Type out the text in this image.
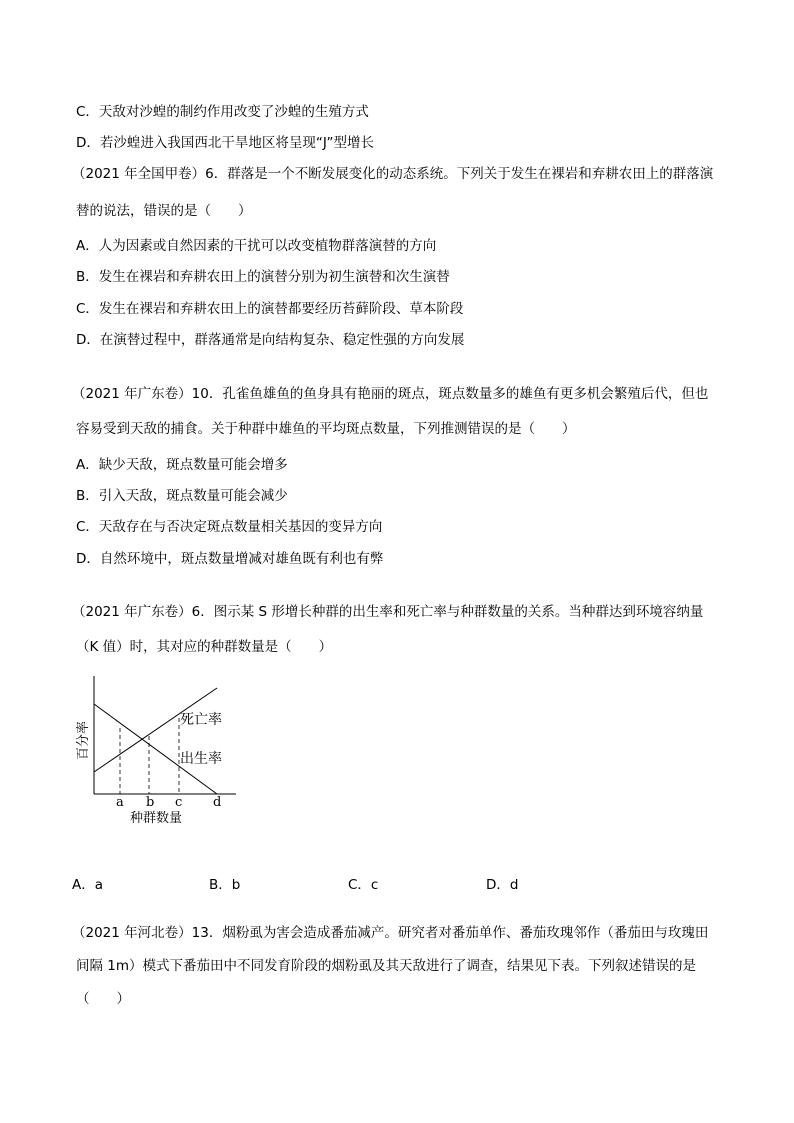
C．天敌对沙蝗的制约作用改变了沙蝗的生殖方式
D．若沙蝗进入我国西北干旱地区将呈现“J”型增长
（2021 年全国甲卷）6．群落是一个不断发展变化的动态系统。下列关于发生在裸岩和弃耕农田上的群落演
替的说法，错误的是（　　）
A．人为因素或自然因素的干扰可以改变植物群落演替的方向
B．发生在裸岩和弃耕农田上的演替分别为初生演替和次生演替
C．发生在裸岩和弃耕农田上的演替都要经历苔藓阶段、草本阶段
D．在演替过程中，群落通常是向结构复杂、稳定性强的方向发展
（2021 年广东卷）10．孔雀鱼雄鱼的鱼身具有艳丽的斑点，斑点数量多的雄鱼有更多机会繁殖后代，但也
容易受到天敌的捕食。关于种群中雄鱼的平均斑点数量，下列推测错误的是（　　）
A．缺少天敌，斑点数量可能会增多
B．引入天敌，斑点数量可能会减少
C．天敌存在与否决定斑点数量相关基因的变异方向
D．自然环境中，斑点数量增减对雄鱼既有利也有弊
（2021 年广东卷）6．图示某 S 形增长种群的出生率和死亡率与种群数量的关系。当种群达到环境容纳量
（K 值）时，其对应的种群数量是（　　）
死亡率
出生率
a b c d
种群数量
百分率
A．a	B．b	C．c	D．d
（2021 年河北卷）13．烟粉虱为害会造成番茄减产。研究者对番茄单作、番茄玫瑰邻作（番茄田与玫瑰田
间隔 1m）模式下番茄田中不同发育阶段的烟粉虱及其天敌进行了调查，结果见下表。下列叙述错误的是
（　　）
